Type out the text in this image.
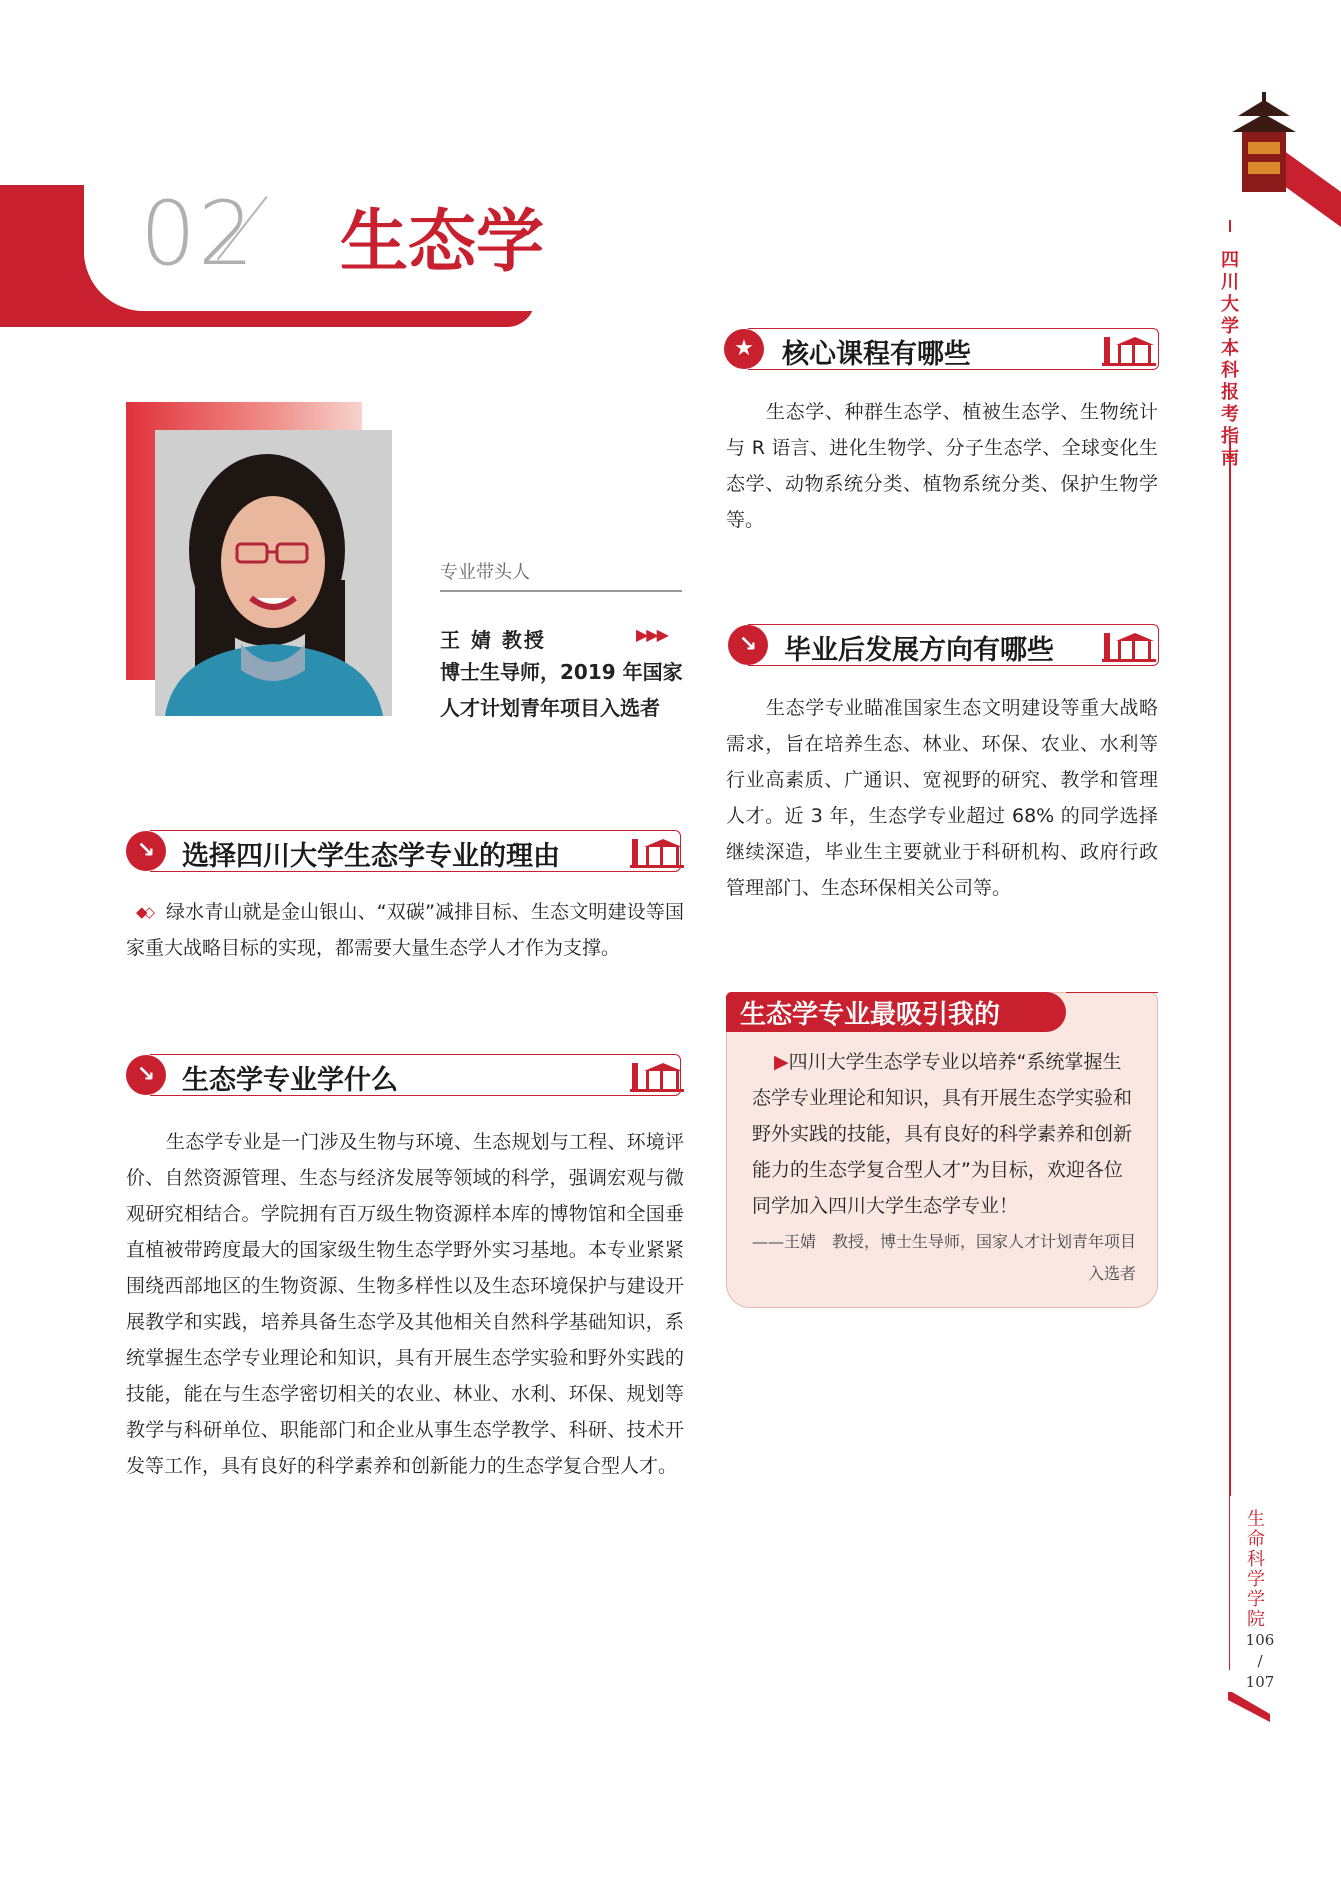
02 生态学	四川大学本科报考指南
生命科学学院
106
/
107
专业带头人
王 婧 教授	▶▶▶
博士生导师，2019 年国家人才计划青年项目入选者
↘ 选择四川大学生态学专业的理由
◆◇ 绿水青山就是金山银山、“双碳”减排目标、生态文明建设等国家重大战略目标的实现，都需要大量生态学人才作为支撑。

↘ 生态学专业学什么

生态学专业是一门涉及生物与环境、生态规划与工程、环境评价、自然资源管理、生态与经济发展等领域的科学，强调宏观与微观研究相结合。学院拥有百万级生物资源样本库的博物馆和全国垂直植被带跨度最大的国家级生物生态学野外实习基地。本专业紧紧围绕西部地区的生物资源、生物多样性以及生态环境保护与建设开展教学和实践，培养具备生态学及其他相关自然科学基础知识，系统掌握生态学专业理论和知识，具有开展生态学实验和野外实践的技能，能在与生态学密切相关的农业、林业、水利、环保、规划等教学与科研单位、职能部门和企业从事生态学教学、科研、技术开发等工作，具有良好的科学素养和创新能力的生态学复合型人才。

★	核心课程有哪些

生态学、种群生态学、植被生态学、生物统计与 R 语言、进化生物学、分子生态学、全球变化生态学、动物系统分类、植物系统分类、保护生物学等。

↘ 毕业后发展方向有哪些

生态学专业瞄准国家生态文明建设等重大战略需求，旨在培养生态、林业、环保、农业、水利等行业高素质、广通识、宽视野的研究、教学和管理人才。近 3 年，生态学专业超过 68% 的同学选择继续深造，毕业生主要就业于科研机构、政府行政管理部门、生态环保相关公司等。

生态学专业最吸引我的
▶四川大学生态学专业以培养“系统掌握生态学专业理论和知识，具有开展生态学实验和野外实践的技能，具有良好的科学素养和创新能力的生态学复合型人才”为目标，欢迎各位同学加入四川大学生态学专业！
——王婧　教授，博士生导师，国家人才计划青年项目入选者
